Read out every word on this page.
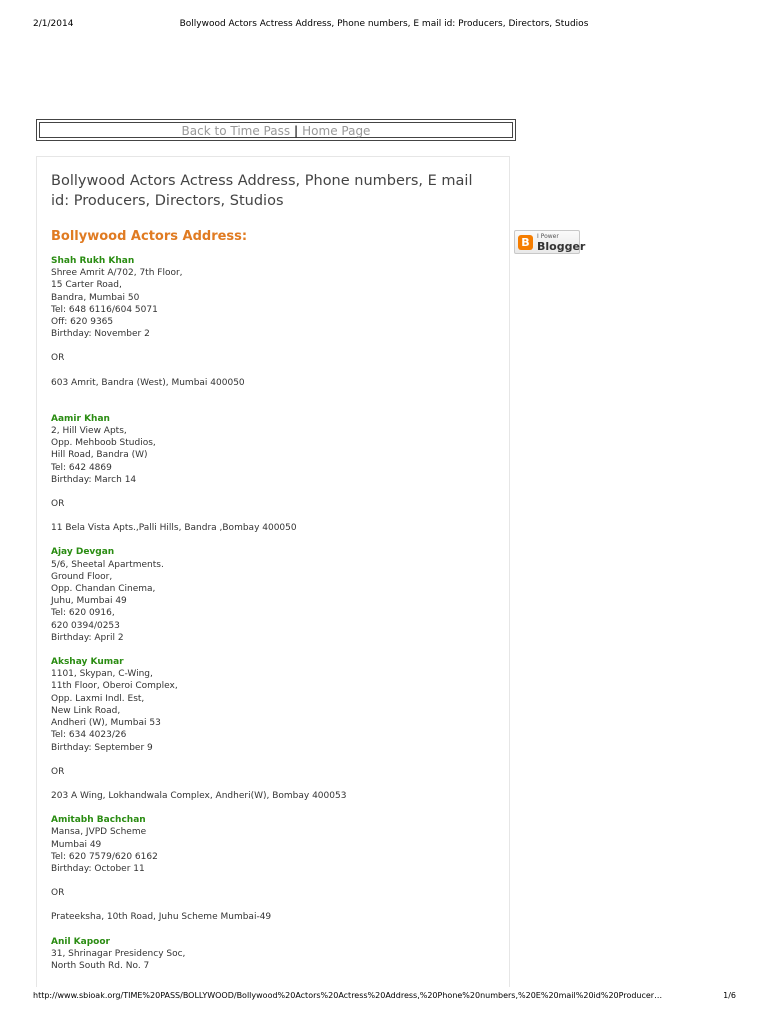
2/1/2014	Bollywood Actors Actress Address, Phone numbers, E mail id: Producers, Directors, Studios
Back to Time Pass | Home Page
Bollywood Actors Actress Address, Phone numbers, E mail id: Producers, Directors, Studios
Bollywood Actors Address:
Shah Rukh Khan
Shree Amrit A/702, 7th Floor,
15 Carter Road,
Bandra, Mumbai 50
Tel: 648 6116/604 5071
Off: 620 9365
Birthday: November 2
OR
603 Amrit, Bandra (West), Mumbai 400050
Aamir Khan
2, Hill View Apts,
Opp. Mehboob Studios,
Hill Road, Bandra (W)
Tel: 642 4869
Birthday: March 14
OR
11 Bela Vista Apts.,Palli Hills, Bandra ,Bombay 400050
Ajay Devgan
5/6, Sheetal Apartments.
Ground Floor,
Opp. Chandan Cinema,
Juhu, Mumbai 49
Tel: 620 0916,
620 0394/0253
Birthday: April 2
Akshay Kumar
1101, Skypan, C-Wing,
11th Floor, Oberoi Complex,
Opp. Laxmi Indl. Est,
New Link Road,
Andheri (W), Mumbai 53
Tel: 634 4023/26
Birthday: September 9
OR
203 A Wing, Lokhandwala Complex, Andheri(W), Bombay 400053
Amitabh Bachchan
Mansa, JVPD Scheme
Mumbai 49
Tel: 620 7579/620 6162
Birthday: October 11
OR
Prateeksha, 10th Road, Juhu Scheme Mumbai-49
Anil Kapoor
31, Shrinagar Presidency Soc,
North South Rd. No. 7
B	I Power
Blogger
http://www.sbioak.org/TIME%20PASS/BOLLYWOOD/Bollywood%20Actors%20Actress%20Address,%20Phone%20numbers,%20E%20mail%20id%20Producer…	1/6
